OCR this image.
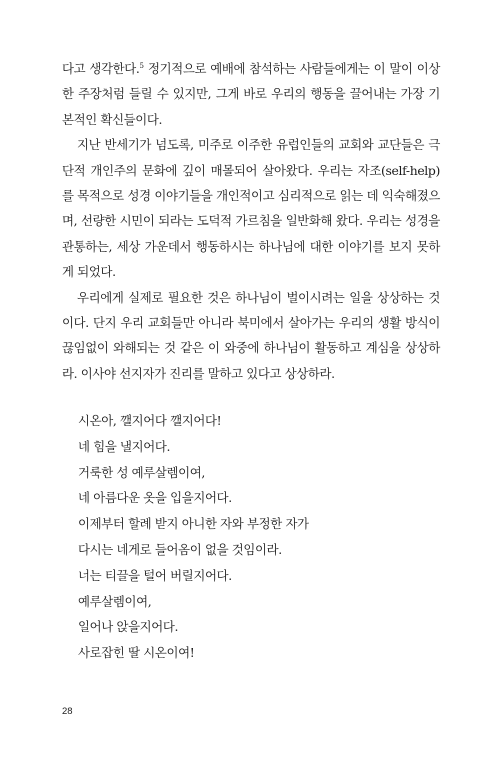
다고 생각한다.$^5$ 정기적으로 예배에 참석하는 사람들에게는 이 말이 이상한 주장처럼 들릴 수 있지만, 그게 바로 우리의 행동을 끌어내는 가장 기본적인 확신들이다.

지난 반세기가 넘도록, 미주로 이주한 유럽인들의 교회와 교단들은 극단적 개인주의 문화에 깊이 매몰되어 살아왔다. 우리는 자조(self-help)를 목적으로 성경 이야기들을 개인적이고 심리적으로 읽는 데 익숙해졌으며, 선량한 시민이 되라는 도덕적 가르침을 일반화해 왔다. 우리는 성경을 관통하는, 세상 가운데서 행동하시는 하나님에 대한 이야기를 보지 못하게 되었다.

우리에게 실제로 필요한 것은 하나님이 벌이시려는 일을 상상하는 것이다. 단지 우리 교회들만 아니라 북미에서 살아가는 우리의 생활 방식이 끊임없이 와해되는 것 같은 이 와중에 하나님이 활동하고 계심을 상상하라. 이사야 선지자가 진리를 말하고 있다고 상상하라.

시온아, 깰지어다 깰지어다!
네 힘을 낼지어다.
거룩한 성 예루살렘이여,
네 아름다운 옷을 입을지어다.
이제부터 할례 받지 아니한 자와 부정한 자가
다시는 네게로 들어옴이 없을 것임이라.
너는 티끌을 털어 버릴지어다.
예루살렘이여,
일어나 앉을지어다.
사로잡힌 딸 시온이여!
28
